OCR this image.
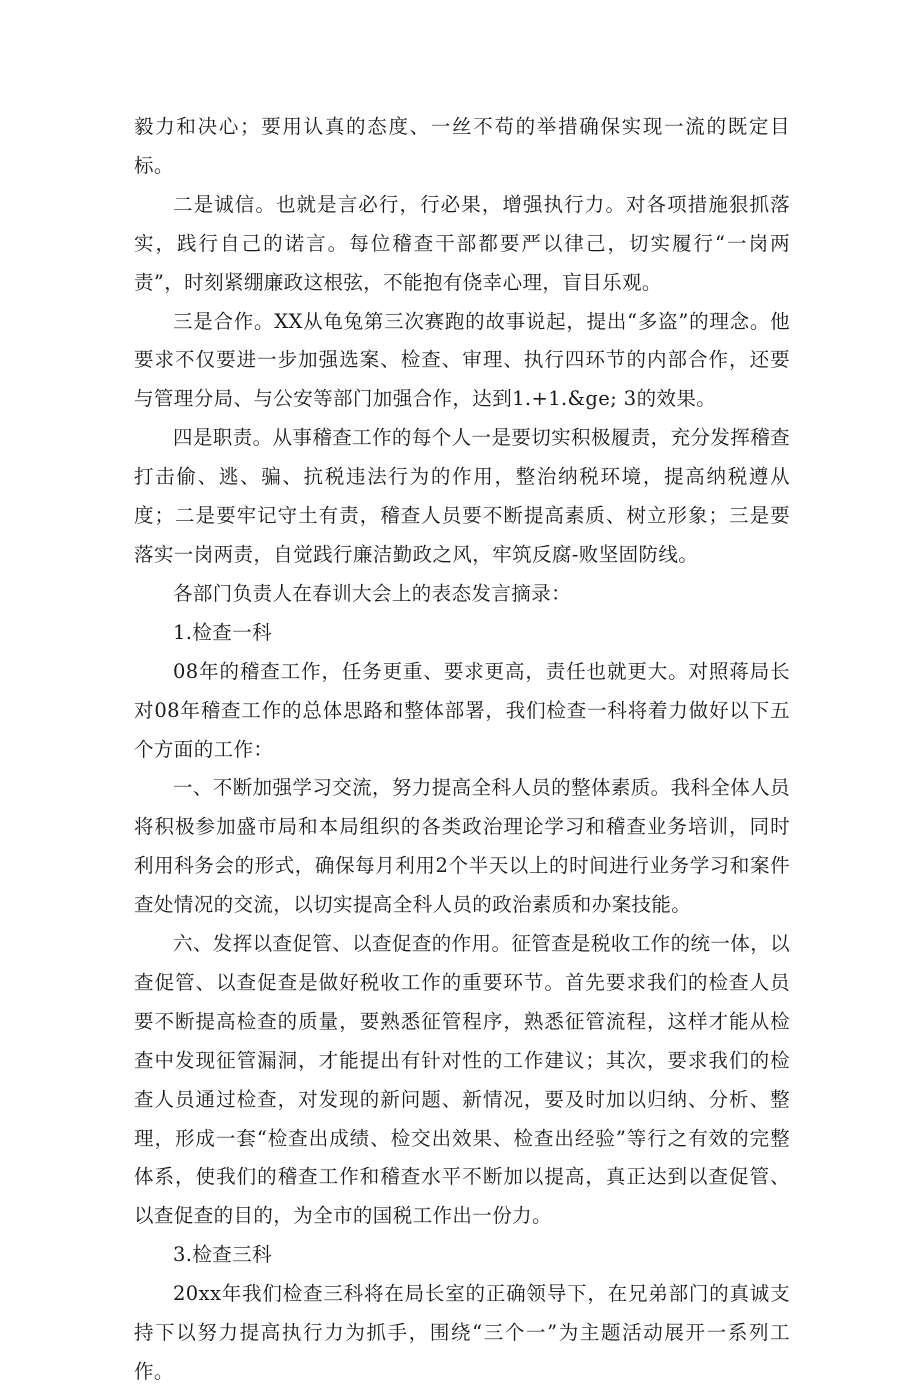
毅力和决心；要用认真的态度、一丝不苟的举措确保实现一流的既定目标。

二是诚信。也就是言必行，行必果，增强执行力。对各项措施狠抓落实，践行自己的诺言。每位稽查干部都要严以律己，切实履行“一岗两责”，时刻紧绷廉政这根弦，不能抱有侥幸心理，盲目乐观。

三是合作。XX从龟兔第三次赛跑的故事说起，提出“多盗”的理念。他要求不仅要进一步加强选案、检查、审理、执行四环节的内部合作，还要与管理分局、与公安等部门加强合作，达到1.+1.&ge; 3的效果。

四是职责。从事稽查工作的每个人一是要切实积极履责，充分发挥稽查打击偷、逃、骗、抗税违法行为的作用，整治纳税环境，提高纳税遵从度；二是要牢记守土有责，稽查人员要不断提高素质、树立形象；三是要落实一岗两责，自觉践行廉洁勤政之风，牢筑反腐-败坚固防线。

各部门负责人在春训大会上的表态发言摘录：

1.检查一科

08年的稽查工作，任务更重、要求更高，责任也就更大。对照蒋局长对08年稽查工作的总体思路和整体部署，我们检查一科将着力做好以下五个方面的工作：

一、不断加强学习交流，努力提高全科人员的整体素质。我科全体人员将积极参加盛市局和本局组织的各类政治理论学习和稽查业务培训，同时利用科务会的形式，确保每月利用2个半天以上的时间进行业务学习和案件查处情况的交流，以切实提高全科人员的政治素质和办案技能。

六、发挥以查促管、以查促查的作用。征管查是税收工作的统一体，以查促管、以查促查是做好税收工作的重要环节。首先要求我们的检查人员要不断提高检查的质量，要熟悉征管程序，熟悉征管流程，这样才能从检查中发现征管漏洞，才能提出有针对性的工作建议；其次，要求我们的检查人员通过检查，对发现的新问题、新情况，要及时加以归纳、分析、整理，形成一套“检查出成绩、检交出效果、检查出经验”等行之有效的完整体系，使我们的稽查工作和稽查水平不断加以提高，真正达到以查促管、以查促查的目的，为全市的国税工作出一份力。

3.检查三科

20xx年我们检查三科将在局长室的正确领导下，在兄弟部门的真诚支持下以努力提高执行力为抓手，围绕“三个一”为主题活动展开一系列工作。
